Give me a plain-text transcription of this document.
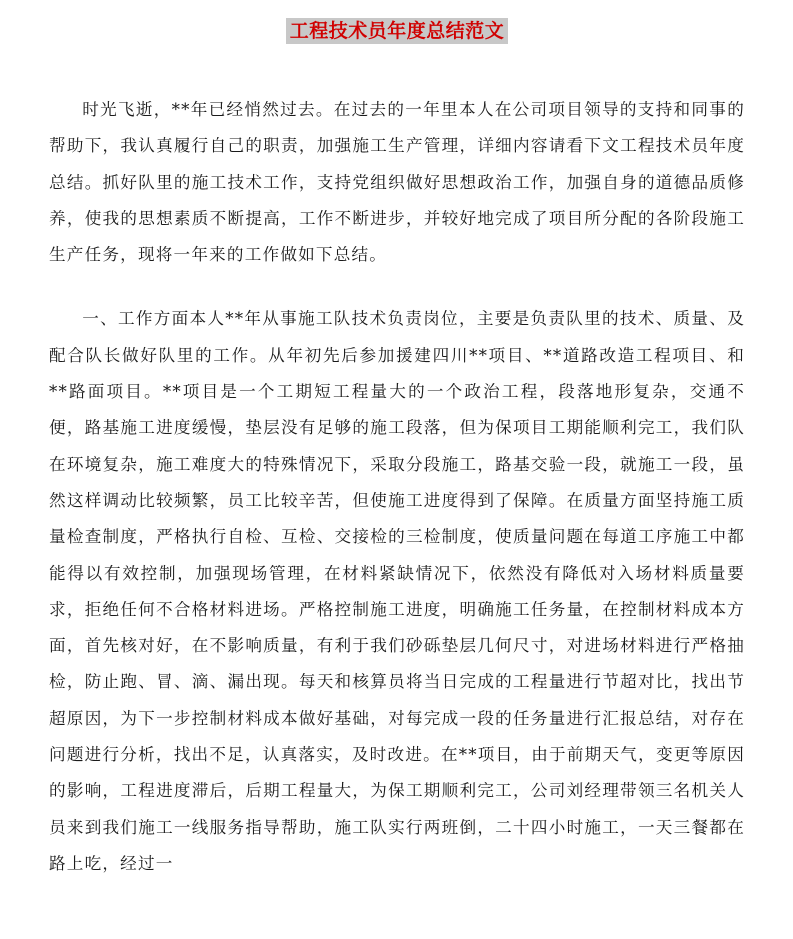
工程技术员年度总结范文

时光飞逝，**年已经悄然过去。在过去的一年里本人在公司项目领导的支持和同事的帮助下，我认真履行自己的职责，加强施工生产管理，详细内容请看下文工程技术员年度总结。抓好队里的施工技术工作，支持党组织做好思想政治工作，加强自身的道德品质修养，使我的思想素质不断提高，工作不断进步，并较好地完成了项目所分配的各阶段施工生产任务，现将一年来的工作做如下总结。

一、工作方面本人**年从事施工队技术负责岗位，主要是负责队里的技术、质量、及配合队长做好队里的工作。从年初先后参加援建四川**项目、**道路改造工程项目、和**路面项目。**项目是一个工期短工程量大的一个政治工程，段落地形复杂，交通不便，路基施工进度缓慢，垫层没有足够的施工段落，但为保项目工期能顺利完工，我们队在环境复杂，施工难度大的特殊情况下，采取分段施工，路基交验一段，就施工一段，虽然这样调动比较频繁，员工比较辛苦，但使施工进度得到了保障。在质量方面坚持施工质量检查制度，严格执行自检、互检、交接检的三检制度，使质量问题在每道工序施工中都能得以有效控制，加强现场管理，在材料紧缺情况下，依然没有降低对入场材料质量要求，拒绝任何不合格材料进场。严格控制施工进度，明确施工任务量，在控制材料成本方面，首先核对好，在不影响质量，有利于我们砂砾垫层几何尺寸，对进场材料进行严格抽检，防止跑、冒、滴、漏出现。每天和核算员将当日完成的工程量进行节超对比，找出节超原因，为下一步控制材料成本做好基础，对每完成一段的任务量进行汇报总结，对存在问题进行分析，找出不足，认真落实，及时改进。在**项目，由于前期天气，变更等原因的影响，工程进度滞后，后期工程量大，为保工期顺利完工，公司刘经理带领三名机关人员来到我们施工一线服务指导帮助，施工队实行两班倒，二十四小时施工，一天三餐都在路上吃，经过一
